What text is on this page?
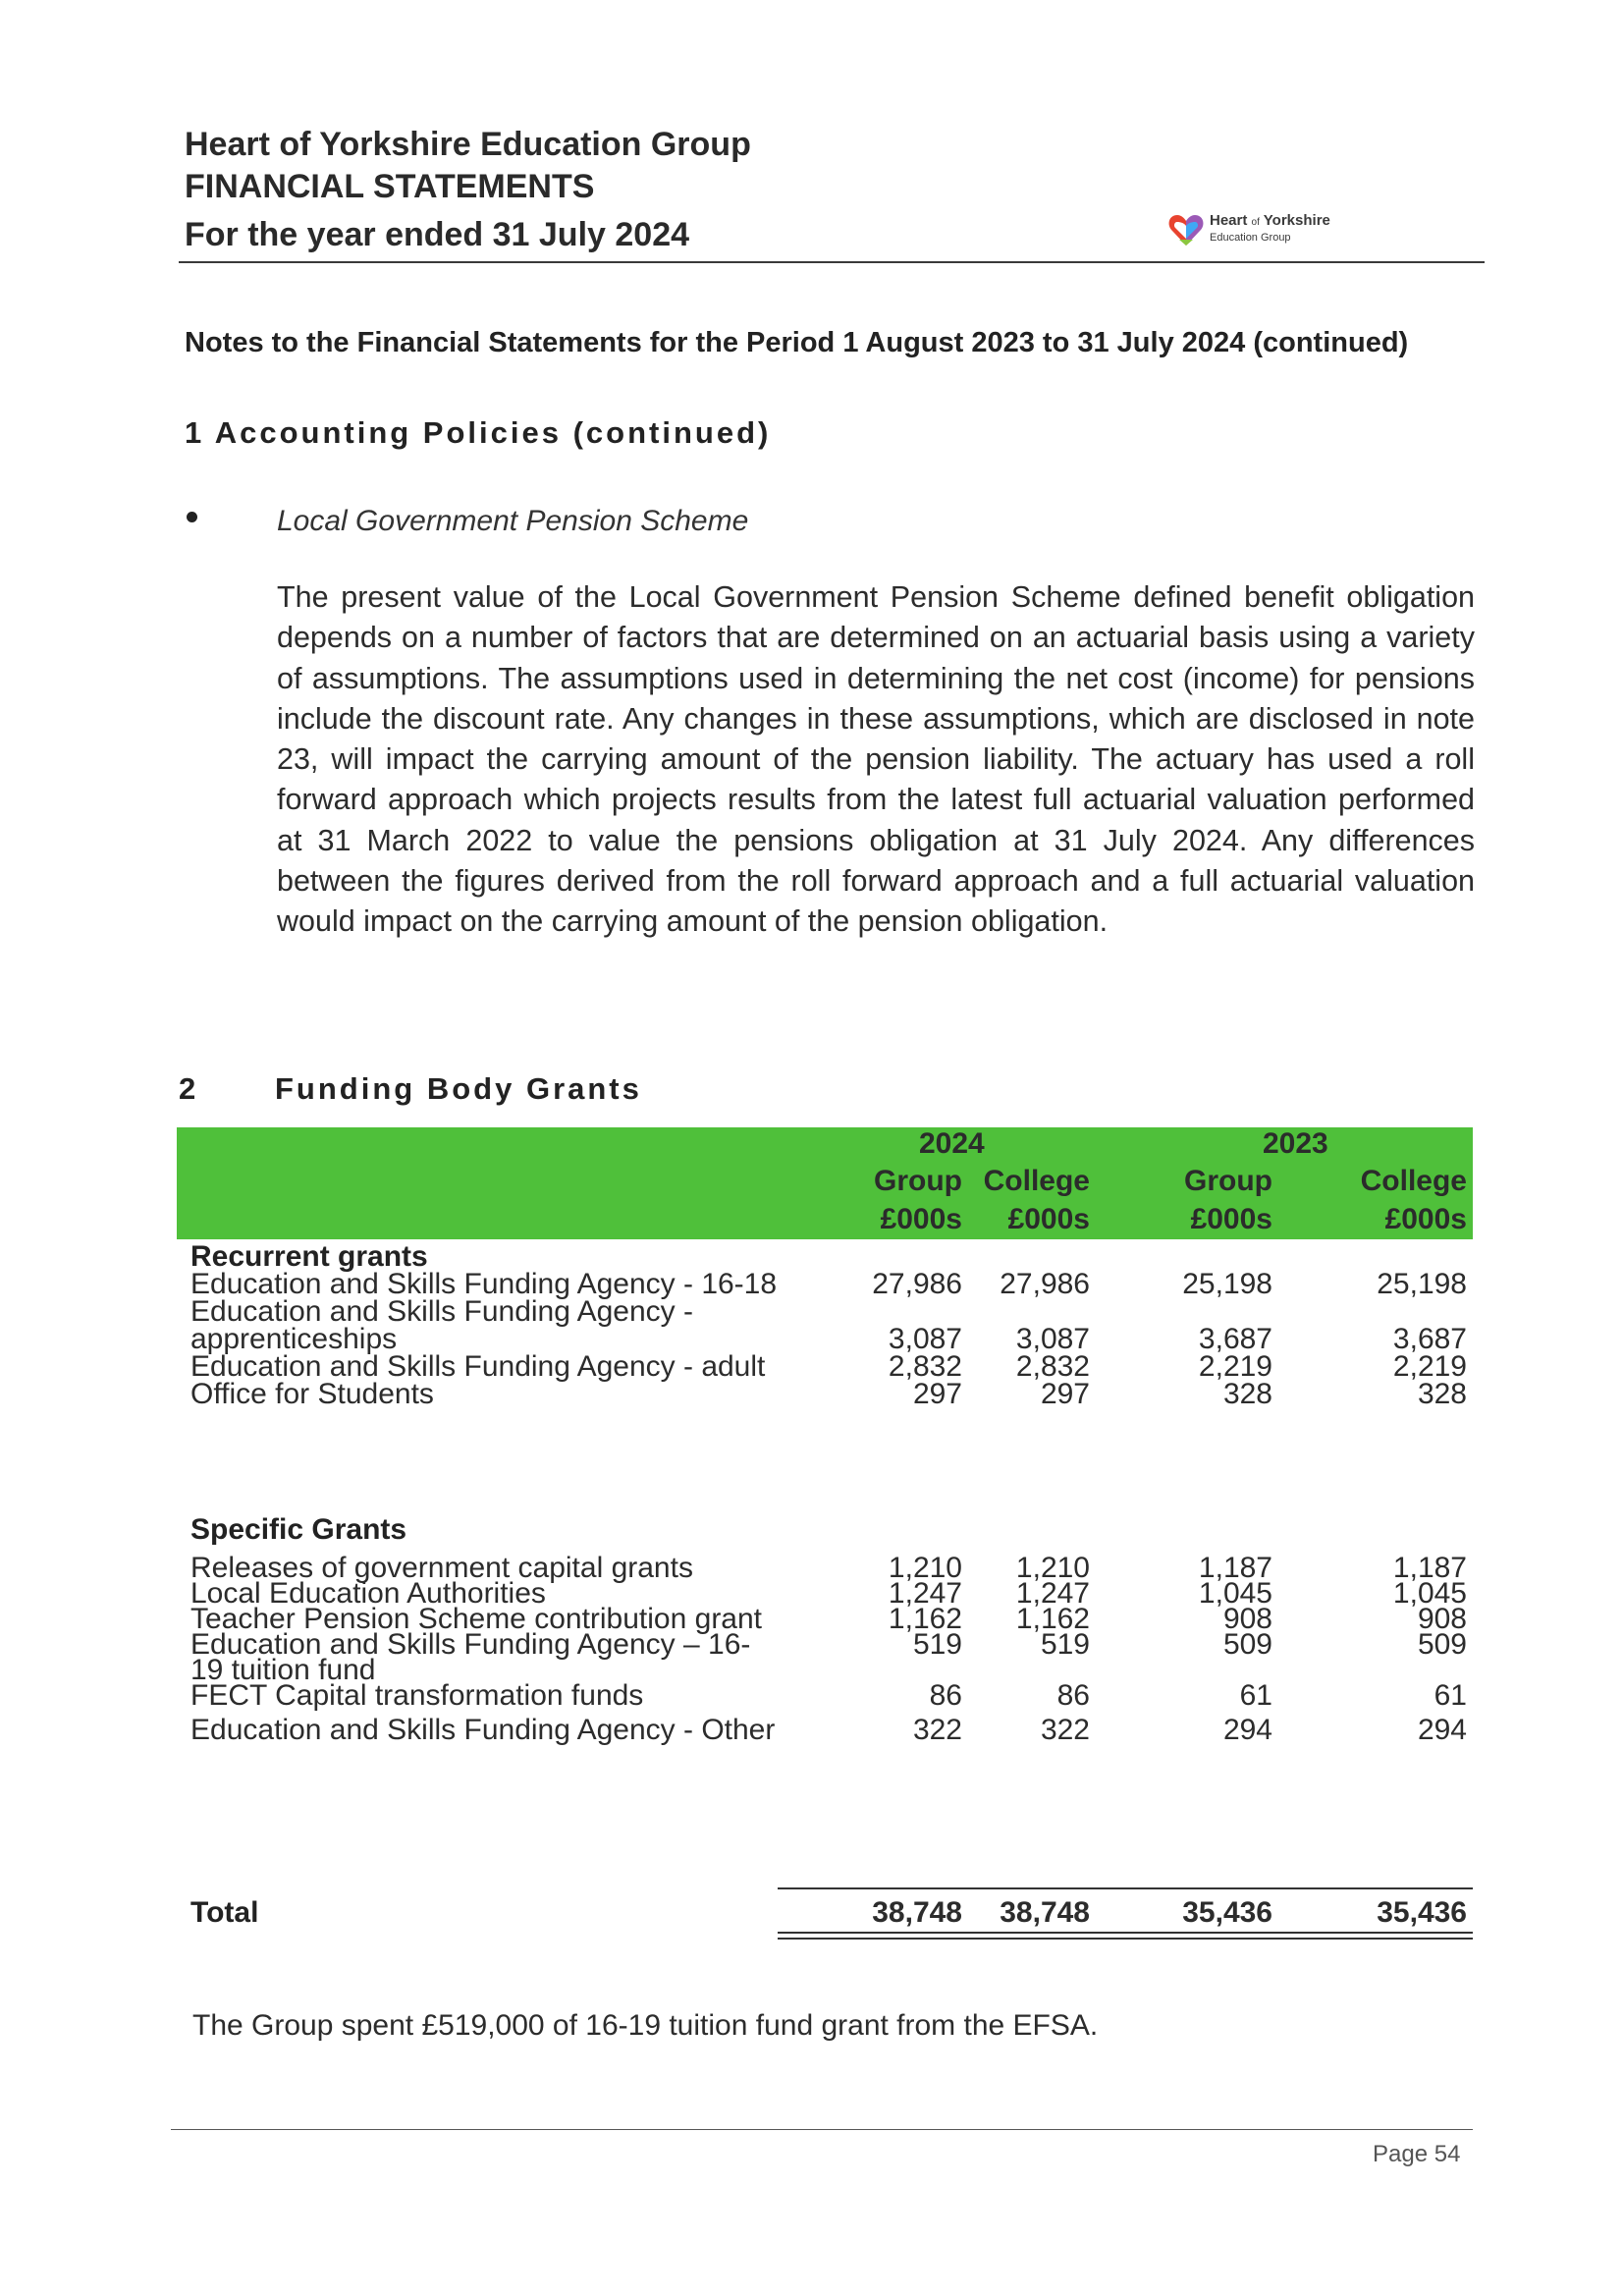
Heart of Yorkshire Education Group
FINANCIAL STATEMENTS
For the year ended 31 July 2024	Heart of Yorkshire
Education Group
Notes to the Financial Statements for the Period 1 August 2023 to 31 July 2024 (continued)
1 Accounting Policies (continued)
Local Government Pension Scheme
The present value of the Local Government Pension Scheme defined benefit obligation depends on a number of factors that are determined on an actuarial basis using a variety of assumptions. The assumptions used in determining the net cost (income) for pensions include the discount rate. Any changes in these assumptions, which are disclosed in note 23, will impact the carrying amount of the pension liability. The actuary has used a roll forward approach which projects results from the latest full actuarial valuation performed at 31 March 2022 to value the pensions obligation at 31 July 2024. Any differences between the figures derived from the roll forward approach and a full actuarial valuation would impact on the carrying amount of the pension obligation.
2	Funding Body Grants
2024	2023
Group College	Group	College
£000s	£000s	£000s	£000s
Recurrent grants
Education and Skills Funding Agency - 16-18	27,986	27,986	25,198	25,198
Education and Skills Funding Agency -
apprenticeships	3,087	3,087	3,687	3,687
Education and Skills Funding Agency - adult	2,832	2,832	2,219	2,219
Office for Students	297	297	328	328
Specific Grants
Releases of government capital grants	1,210	1,210	1,187	1,187
Local Education Authorities	1,247	1,247	1,045	1,045
Teacher Pension Scheme contribution grant	1,162	1,162	908	908
Education and Skills Funding Agency – 16-
19 tuition fund
519	519	509	509
FECT Capital transformation funds	86	86	61	61
Education and Skills Funding Agency - Other	322	322	294	294
Total	38,748	38,748	35,436	35,436
The Group spent £519,000 of 16-19 tuition fund grant from the EFSA.
Page 54
